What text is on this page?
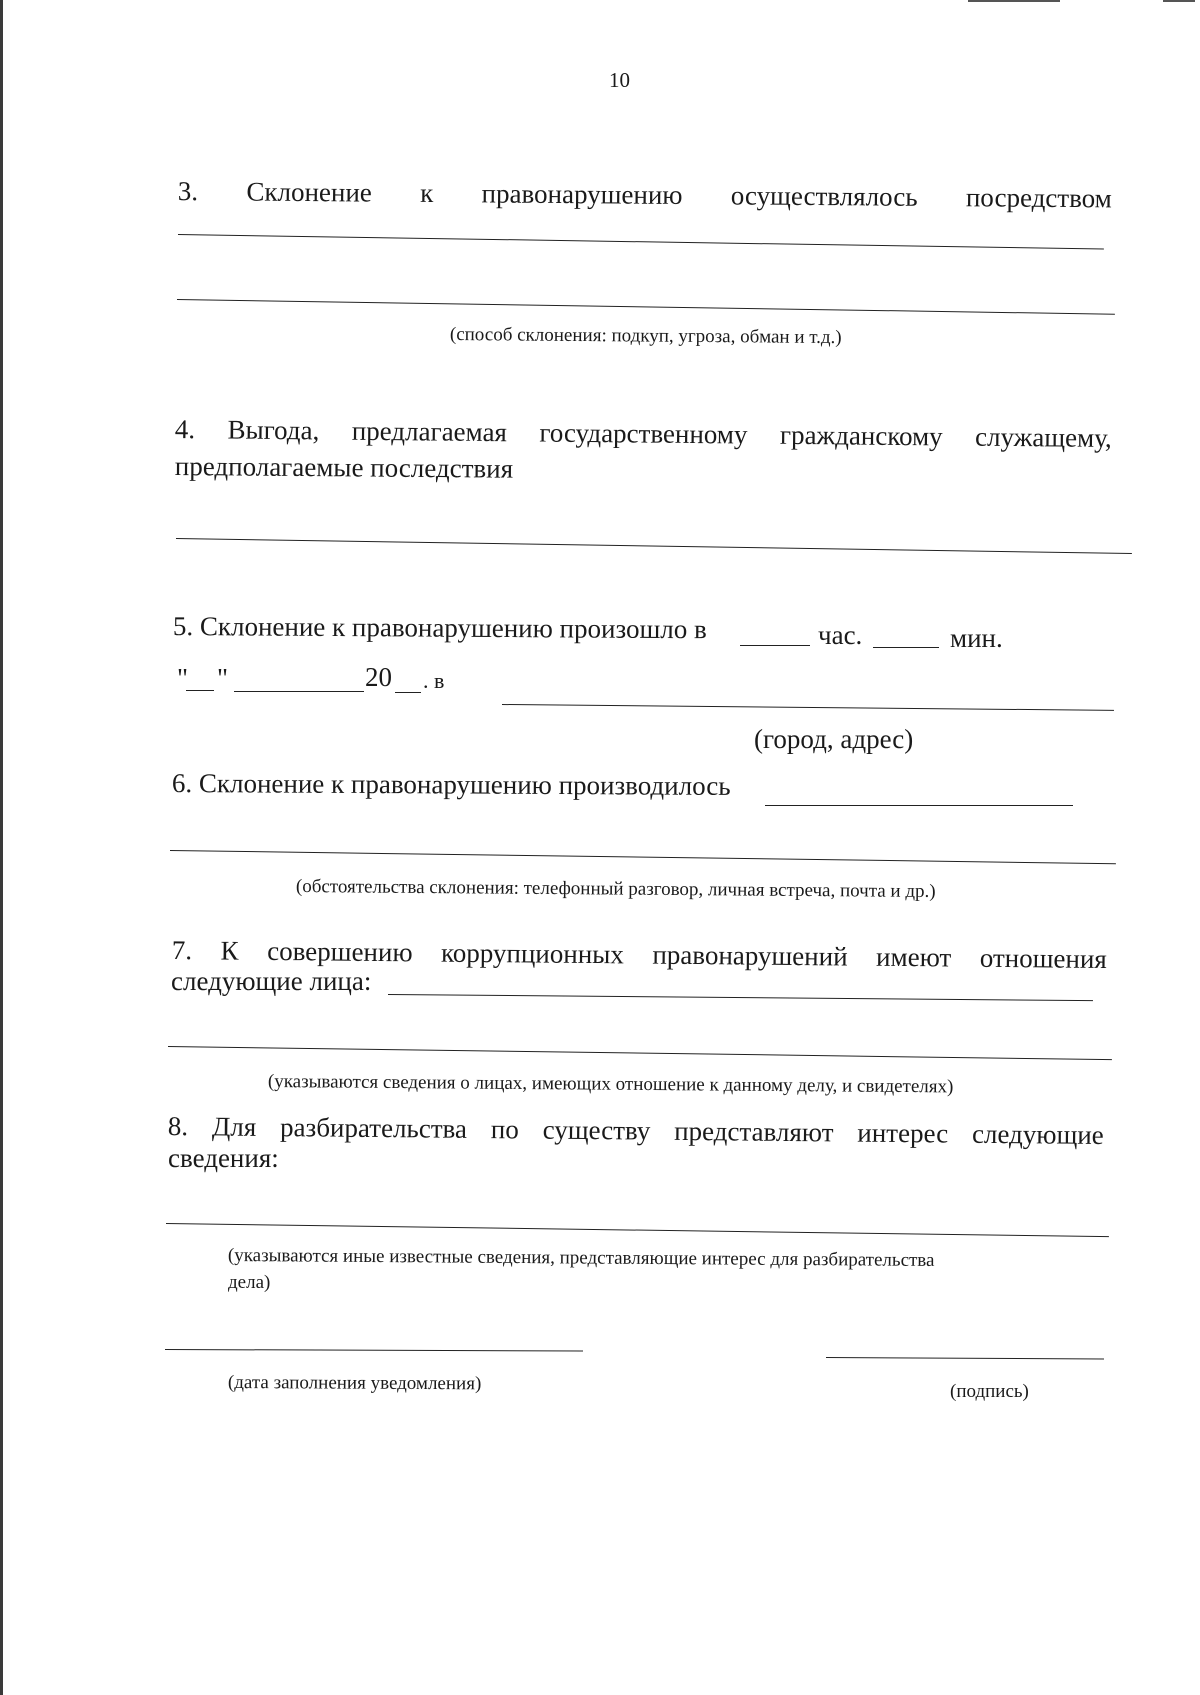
10
3. Склонение к правонарушению осуществлялось посредством
(способ склонения: подкуп, угроза, обман и т.д.)
4. Выгода, предлагаемая государственному гражданскому служащему,
предполагаемые последствия
5. Склонение к правонарушению произошло в	час.	мин.
" "	20 . в
(город, адрес)
6. Склонение к правонарушению производилось
(обстоятельства склонения: телефонный разговор, личная встреча, почта и др.)
7. К совершению коррупционных правонарушений имеют отношения
следующие лица:
(указываются сведения о лицах, имеющих отношение к данному делу, и свидетелях)
8. Для разбирательства по существу представляют интерес следующие
сведения:
(указываются иные известные сведения, представляющие интерес для разбирательства
дела)
(дата заполнения уведомления)	(подпись)
